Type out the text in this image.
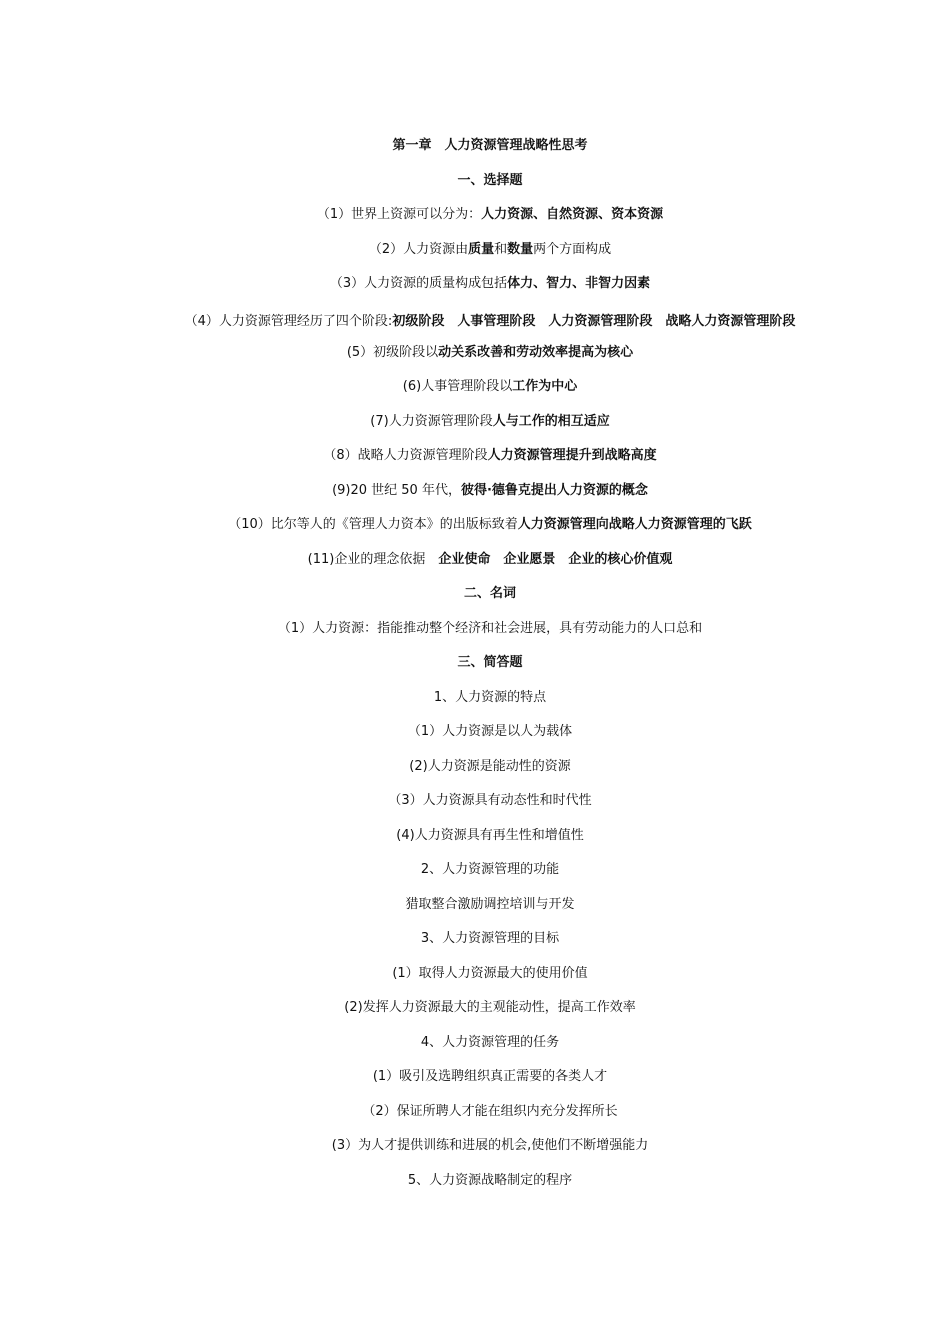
第一章　人力资源管理战略性思考
一、选择题
（1）世界上资源可以分为：人力资源、自然资源、资本资源
（2）人力资源由质量和数量两个方面构成
（3）人力资源的质量构成包括体力、智力、非智力因素
（4）人力资源管理经历了四个阶段:初级阶段　人事管理阶段　人力资源管理阶段　战略人力资源管理阶段
(5）初级阶段以动关系改善和劳动效率提高为核心
(6)人事管理阶段以工作为中心
(7)人力资源管理阶段人与工作的相互适应
（8）战略人力资源管理阶段人力资源管理提升到战略高度
(9)20 世纪 50 年代，彼得·德鲁克提出人力资源的概念
（10）比尔等人的《管理人力资本》的出版标致着人力资源管理向战略人力资源管理的飞跃
(11)企业的理念依据　企业使命　企业愿景　企业的核心价值观
二、名词
（1）人力资源：指能推动整个经济和社会进展，具有劳动能力的人口总和
三、简答题
1、人力资源的特点
（1）人力资源是以人为载体
(2)人力资源是能动性的资源
（3）人力资源具有动态性和时代性
(4)人力资源具有再生性和增值性
2、人力资源管理的功能
猎取整合激励调控培训与开发
3、人力资源管理的目标
(1）取得人力资源最大的使用价值
(2)发挥人力资源最大的主观能动性，提高工作效率
4、人力资源管理的任务
(1）吸引及选聘组织真正需要的各类人才
（2）保证所聘人才能在组织内充分发挥所长
(3）为人才提供训练和进展的机会,使他们不断增强能力
5、人力资源战略制定的程序
